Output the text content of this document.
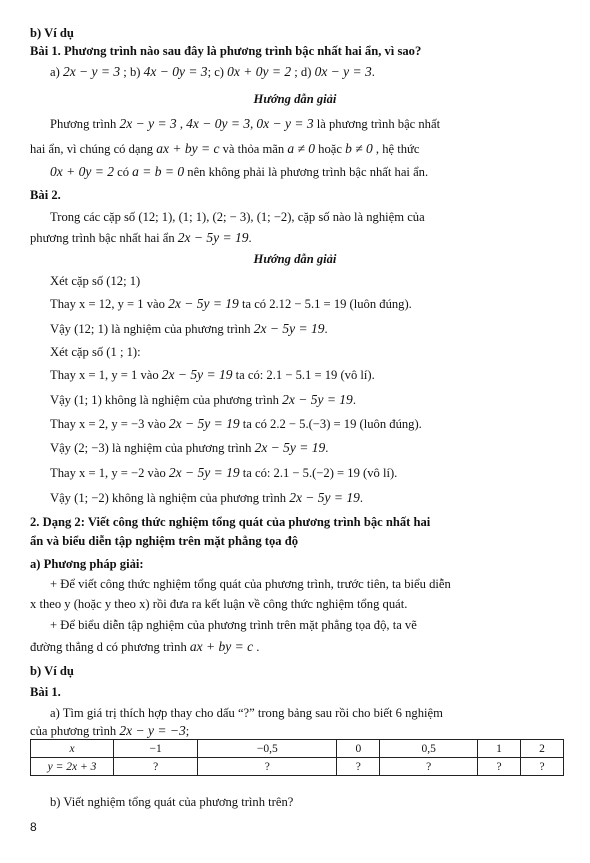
b) Ví dụ
Bài 1. Phương trình nào sau đây là phương trình bậc nhất hai ẩn, vì sao?
a) 2x − y = 3 ; b) 4x − 0y = 3; c) 0x + 0y = 2 ; d) 0x − y = 3.
Hướng dẫn giải
Phương trình 2x − y = 3 , 4x − 0y = 3, 0x − y = 3 là phương trình bậc nhất
hai ẩn, vì chúng có dạng ax + by = c và thỏa mãn a ≠ 0 hoặc b ≠ 0 , hệ thức
0x + 0y = 2 có a = b = 0 nên không phải là phương trình bậc nhất hai ẩn.
Bài 2.
Trong các cặp số (12; 1), (1; 1), (2; − 3), (1; −2), cặp số nào là nghiệm của
phương trình bậc nhất hai ẩn 2x − 5y = 19.
Hướng dẫn giải
Xét cặp số (12; 1)
Thay x = 12, y = 1 vào 2x − 5y = 19 ta có 2.12 − 5.1 = 19 (luôn đúng).
Vậy (12; 1) là nghiệm của phương trình 2x − 5y = 19.
Xét cặp số (1 ; 1):
Thay x = 1, y = 1 vào 2x − 5y = 19 ta có: 2.1 − 5.1 = 19 (vô lí).
Vậy (1; 1) không là nghiệm của phương trình 2x − 5y = 19.
Thay x = 2, y = −3 vào 2x − 5y = 19 ta có 2.2 − 5.(−3) = 19 (luôn đúng).
Vậy (2; −3) là nghiệm của phương trình 2x − 5y = 19.
Thay x = 1, y = −2 vào 2x − 5y = 19 ta có: 2.1 − 5.(−2) = 19 (vô lí).
Vậy (1; −2) không là nghiệm của phương trình 2x − 5y = 19.
2. Dạng 2: Viết công thức nghiệm tổng quát của phương trình bậc nhất hai
ẩn và biểu diễn tập nghiệm trên mặt phẳng tọa độ
a) Phương pháp giải:
+ Để viết công thức nghiệm tổng quát của phương trình, trước tiên, ta biểu diễn
x theo y (hoặc y theo x) rồi đưa ra kết luận về công thức nghiệm tổng quát.
+ Để biểu diễn tập nghiệm của phương trình trên mặt phẳng tọa độ, ta vẽ
đường thẳng d có phương trình ax + by = c .
b) Ví dụ
Bài 1.
a) Tìm giá trị thích hợp thay cho dấu “?” trong bảng sau rồi cho biết 6 nghiệm
của phương trình 2x − y = −3;
x	−1	−0,5	0	0,5	1	2
y = 2x + 3	?	?	?	?	?	?
b) Viết nghiệm tổng quát của phương trình trên?
8
